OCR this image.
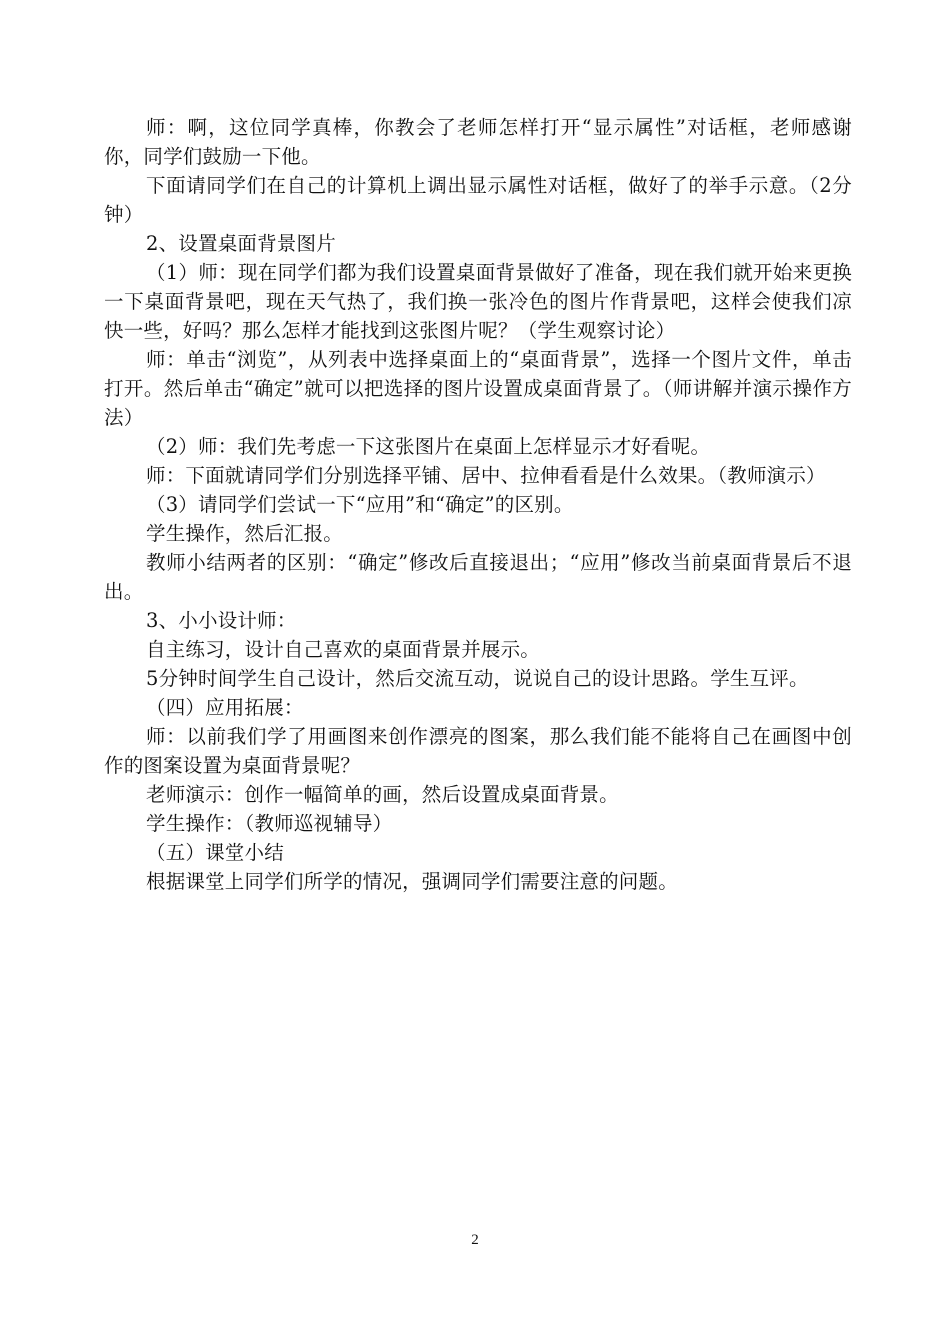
师：啊，这位同学真棒，你教会了老师怎样打开“显示属性”对话框，老师感谢你，同学们鼓励一下他。

下面请同学们在自己的计算机上调出显示属性对话框，做好了的举手示意。（2分钟）

2、设置桌面背景图片

（1）师：现在同学们都为我们设置桌面背景做好了准备，现在我们就开始来更换一下桌面背景吧，现在天气热了，我们换一张冷色的图片作背景吧，这样会使我们凉快一些，好吗？那么怎样才能找到这张图片呢？（学生观察讨论）

师：单击“浏览”，从列表中选择桌面上的“桌面背景”，选择一个图片文件，单击打开。然后单击“确定”就可以把选择的图片设置成桌面背景了。（师讲解并演示操作方法）

（2）师：我们先考虑一下这张图片在桌面上怎样显示才好看呢。

师：下面就请同学们分别选择平铺、居中、拉伸看看是什么效果。（教师演示）

（3）请同学们尝试一下“应用”和“确定”的区别。

学生操作，然后汇报。

教师小结两者的区别：“确定”修改后直接退出；“应用”修改当前桌面背景后不退出。

3、小小设计师：

自主练习，设计自己喜欢的桌面背景并展示。

5分钟时间学生自己设计，然后交流互动，说说自己的设计思路。学生互评。

（四）应用拓展：

师：以前我们学了用画图来创作漂亮的图案，那么我们能不能将自己在画图中创作的图案设置为桌面背景呢？

老师演示：创作一幅简单的画，然后设置成桌面背景。

学生操作：（教师巡视辅导）

（五）课堂小结

根据课堂上同学们所学的情况，强调同学们需要注意的问题。

2
